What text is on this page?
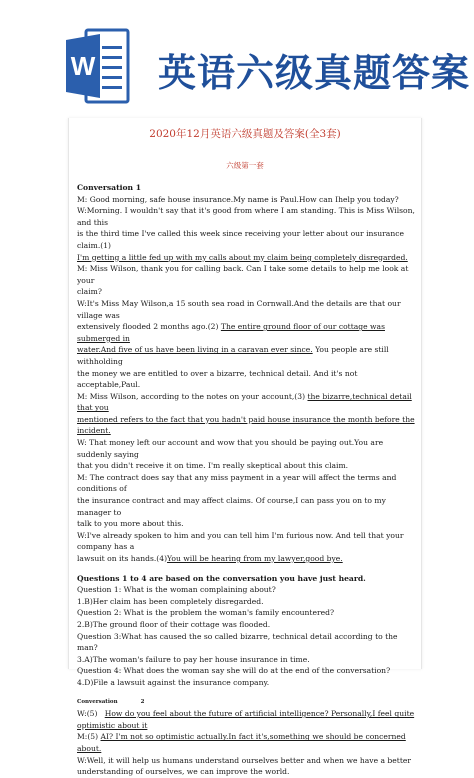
W 英语六级真题答案
2020年12月英语六级真题及答案(全3套)
六级第一套

Conversation 1

M: Good morning, safe house insurance.My name is Paul.How can Ihelp you today?

W:Morning. I wouldn't say that it's good from where I am standing. This is Miss Wilson, and this

is the third time I've called this week since receiving your letter about our insurance claim.(1)

I'm getting a little fed up with my calls about my claim being completely disregarded.

M: Miss Wilson, thank you for calling back. Can I take some details to help me look at your

claim?

W:It's Miss May Wilson,a 15 south sea road in Cornwall.And the details are that our village was

extensively flooded 2 months ago.(2) The entire ground floor of our cottage was submerged in

water.And five of us have been living in a caravan ever since. You people are still withholding

the money we are entitled to over a bizarre, technical detail. And it's not acceptable,Paul.

M: Miss Wilson, according to the notes on your account,(3) the bizarre,technical detail that you

mentioned refers to the fact that you hadn't paid house insurance the month before the

incident.

W: That money left our account and wow that you should be paying out.You are suddenly saying

that you didn't receive it on time. I'm really skeptical about this claim.

M: The contract does say that any miss payment in a year will affect the terms and conditions of

the insurance contract and may affect claims. Of course,I can pass you on to my manager to

talk to you more about this.

W:I've already spoken to him and you can tell him I'm furious now. And tell that your company has a

lawsuit on its hands.(4)You will be hearing from my lawyer,good bye.

Questions 1 to 4 are based on the conversation you have just heard.

Question 1: What is the woman complaining about?

1.B)Her claim has been completely disregarded.

Question 2: What is the problem the woman's family encountered?

2.B)The ground floor of their cottage was flooded.

Question 3:What has caused the so called bizarre, technical detail according to the man?

3.A)The woman's failure to pay her house insurance in time.

Question 4: What does the woman say she will do at the end of the conversation?

4.D)File a lawsuit against the insurance company.

Conversation	2

W:(5) How do you feel about the future of artificial intelligence? Personally,I feel quite

optimistic about it

M:(5) AI? I'm not so optimistic actually.In fact it's,something we should be concerned about.

W:Well, it will help us humans understand ourselves better and when we have a better

understanding of ourselves, we can improve the world.
